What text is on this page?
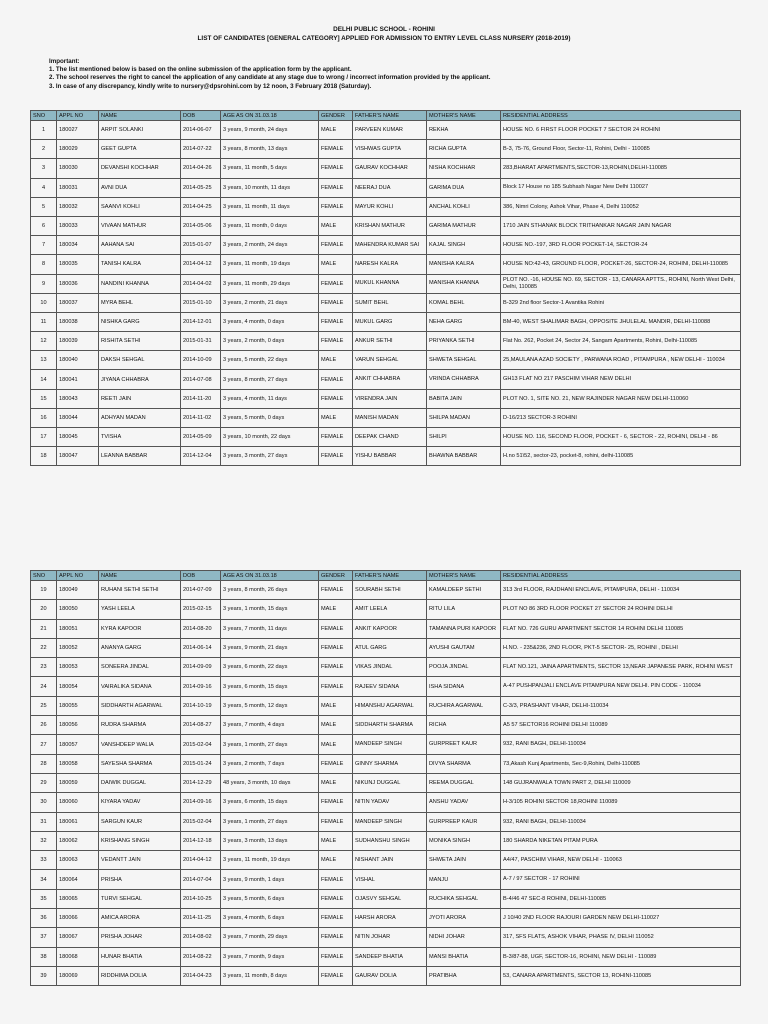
DELHI PUBLIC SCHOOL - ROHINI
LIST OF CANDIDATES [GENERAL CATEGORY] APPLIED FOR ADMISSION TO ENTRY LEVEL CLASS NURSERY (2018-2019)
Important:
1. The list mentioned below is based on the online submission of the application form by the applicant.
2. The school reserves the right to cancel the application of any candidate at any stage due to wrong / incorrect information provided by the applicant.
3. In case of any discrepancy, kindly write to nursery@dpsrohini.com by 12 noon, 3 February 2018 (Saturday).
SNO	APPL NO	NAME	DOB	AGE AS ON 31.03.18	GENDER	FATHER'S NAME	MOTHER'S NAME	RESIDENTIAL ADDRESS
1	180027	ARPIT SOLANKI	2014-06-07	3 years, 9 month, 24 days	MALE	PARVEEN KUMAR	REKHA	HOUSE NO. 6 FIRST FLOOR POCKET 7 SECTOR 24 ROHINI
2	180029	GEET GUPTA	2014-07-22	3 years, 8 month, 13 days	FEMALE	VISHWAS GUPTA	RICHA GUPTA	B-3, 75-76, Ground Floor, Sector-11, Rohini, Delhi - 110085
3	180030	DEVANSHI KOCHHAR	2014-04-26	3 years, 11 month, 5 days	FEMALE	GAURAV KOCHHAR	NISHA KOCHHAR	283,BHARAT APARTMENTS,SECTOR-13,ROHINI,DELHI-110085
4	180031	AVNI DUA	2014-05-25	3 years, 10 month, 11 days	FEMALE	NEERAJ DUA	GARIMA DUA	Block 17 House no 185 Subhash Nagar New Delhi 110027
5	180032	SAANVI KOHLI	2014-04-25	3 years, 11 month, 11 days	FEMALE	MAYUR KOHLI	ANCHAL KOHLI	386, Nimri Colony, Ashok Vihar, Phase 4, Delhi 110052
6	180033	VIVAAN MATHUR	2014-05-06	3 years, 11 month, 0 days	MALE	KRISHAN MATHUR	GARIMA MATHUR	1710 JAIN STHANAK BLOCK TRITHANKAR NAGAR JAIN NAGAR
7	180034	AAHANA SAI	2015-01-07	3 years, 2 month, 24 days	FEMALE	MAHENDRA KUMAR SAI	KAJAL SINGH	HOUSE NO.-197, 3RD FLOOR POCKET-14, SECTOR-24
8	180035	TANISH KALRA	2014-04-12	3 years, 11 month, 19 days	MALE	NARESH KALRA	MANISHA KALRA	HOUSE NO:42-43, GROUND FLOOR, POCKET-26, SECTOR-24, ROHINI, DELHI-110085
9	180036	NANDINI KHANNA	2014-04-02	3 years, 11 month, 29 days	FEMALE	MUKUL KHANNA	MANISHA KHANNA	PLOT NO. -16, HOUSE NO. 69, SECTOR - 13, CANARA APTTS., ROHINI, North West Delhi, Delhi, 110085
10	180037	MYRA BEHL	2015-01-10	3 years, 2 month, 21 days	FEMALE	SUMIT BEHL	KOMAL BEHL	B-329 2nd floor Sector-1 Avantika Rohini
11	180038	NISHKA GARG	2014-12-01	3 years, 4 month, 0 days	FEMALE	MUKUL GARG	NEHA GARG	BM-40, WEST SHALIMAR BAGH, OPPOSITE JHULELAL MANDIR, DELHI-110088
12	180039	RISHITA SETHI	2015-01-31	3 years, 2 month, 0 days	FEMALE	ANKUR SETHI	PRIYANKA SETHI	Flat No. 262, Pocket 24, Sector 24, Sangam Apartments, Rohini, Delhi-110085
13	180040	DAKSH SEHGAL	2014-10-09	3 years, 5 month, 22 days	MALE	VARUN SEHGAL	SHWETA SEHGAL	25,MAULANA AZAD SOCIETY , PARWANA ROAD , PITAMPURA , NEW DELHI - 110034
14	180041	JIYANA CHHABRA	2014-07-08	3 years, 8 month, 27 days	FEMALE	ANKIT CHHABRA	VRINDA CHHABRA	GH13 FLAT NO 217 PASCHIM VIHAR NEW DELHI
15	180043	REETI JAIN	2014-11-20	3 years, 4 month, 11 days	FEMALE	VIRENDRA JAIN	BABITA JAIN	PLOT NO. 1, SITE NO. 21, NEW RAJINDER NAGAR NEW DELHI-110060
16	180044	ADHYAN MADAN	2014-11-02	3 years, 5 month, 0 days	MALE	MANISH MADAN	SHILPA MADAN	D-16/213 SECTOR-3 ROHINI
17	180045	TVISHA	2014-05-09	3 years, 10 month, 22 days	FEMALE	DEEPAK CHAND	SHILPI	HOUSE NO. 116, SECOND FLOOR, POCKET - 6, SECTOR - 22, ROHINI, DELHI - 86
18	180047	LEANNA BABBAR	2014-12-04	3 years, 3 month, 27 days	FEMALE	YISHU BABBAR	BHAWNA BABBAR	H.no 51\52, sector-23, pocket-8, rohini, delhi-110085
SNO	APPL NO	NAME	DOB	AGE AS ON 31.03.18	GENDER	FATHER'S NAME	MOTHER'S NAME	RESIDENTIAL ADDRESS
19	180049	RUHANI SETHI SETHI	2014-07-09	3 years, 8 month, 26 days	FEMALE	SOURABH SETHI	KAMALDEEP SETHI	313 3rd FLOOR, RAJDHANI ENCLAVE, PITAMPURA, DELHI - 110034
20	180050	YASH LEELA	2015-02-15	3 years, 1 month, 15 days	MALE	AMIT LEELA	RITU LILA	PLOT NO 86 3RD FLOOR POCKET 27 SECTOR 24 ROHINI DELHI
21	180051	KYRA KAPOOR	2014-08-20	3 years, 7 month, 11 days	FEMALE	ANKIT KAPOOR	TAMANNA PURI KAPOOR	FLAT NO. 726 GURU APARTMENT SECTOR 14 ROHINI DELHI 110085
22	180052	ANANYA GARG	2014-06-14	3 years, 9 month, 21 days	FEMALE	ATUL GARG	AYUSHI GAUTAM	H.NO. - 235&236, 2ND FLOOR, PKT-5 SECTOR- 25, ROHINI , DELHI
23	180053	SONEERA JINDAL	2014-09-09	3 years, 6 month, 22 days	FEMALE	VIKAS JINDAL	POOJA JINDAL	FLAT NO.121, JAINA APARTMENTS, SECTOR 13,NEAR JAPANESE PARK, ROHINI WEST
24	180054	VAIRALIKA SIDANA	2014-09-16	3 years, 6 month, 15 days	FEMALE	RAJEEV SIDANA	ISHA SIDANA	A-47 PUSHPANJALI ENCLAVE PITAMPURA NEW DELHI. PIN CODE - 110034
25	180055	SIDDHARTH AGARWAL	2014-10-19	3 years, 5 month, 12 days	MALE	HIMANSHU AGARWAL	RUCHIRA AGARWAL	C-3/3, PRASHANT VIHAR, DELHI-110034
26	180056	RUDRA SHARMA	2014-08-27	3 years, 7 month, 4 days	MALE	SIDDHARTH SHARMA	RICHA	A5 57 SECTOR16 ROHINI DELHI 110089
27	180057	VANSHDEEP WALIA	2015-02-04	3 years, 1 month, 27 days	MALE	MANDEEP SINGH	GURPREET KAUR	932, RANI BAGH, DELHI-110034
28	180058	SAYESHA SHARMA	2015-01-24	3 years, 2 month, 7 days	FEMALE	GINNY SHARMA	DIVYA SHARMA	73,Akash Kunj Apartments, Sec-9,Rohini, Delhi-110085
29	180059	DAIWIK DUGGAL	2014-12-29	48 years, 3 month, 10 days	MALE	NIKUNJ DUGGAL	REEMA DUGGAL	148 GUJRANWALA TOWN PART 2, DELHI 110009
30	180060	KIYARA YADAV	2014-09-16	3 years, 6 month, 15 days	FEMALE	NITIN YADAV	ANSHU YADAV	H-3/105 ROHINI SECTOR 18,ROHINI 110089
31	180061	SARGUN KAUR	2015-02-04	3 years, 1 month, 27 days	FEMALE	MANDEEP SINGH	GURPREEP KAUR	932, RANI BAGH, DELHI-110034
32	180062	KRISHANG SINGH	2014-12-18	3 years, 3 month, 13 days	MALE	SUDHANSHU SINGH	MONIKA SINGH	180 SHARDA NIKETAN PITAM PURA
33	180063	VEDANTT JAIN	2014-04-12	3 years, 11 month, 19 days	MALE	NISHANT JAIN	SHWETA JAIN	A4/47, PASCHIM VIHAR, NEW DELHI - 110063
34	180064	PRISHA	2014-07-04	3 years, 9 month, 1 days	FEMALE	VISHAL	MANJU	A-7 / 97 SECTOR - 17 ROHINI
35	180065	TURVI SEHGAL	2014-10-25	3 years, 5 month, 6 days	FEMALE	OJASVY SEHGAL	RUCHIKA SEHGAL	B-4/46 47 SEC-8 ROHINI, DELHI-110085
36	180066	AMICA ARORA	2014-11-25	3 years, 4 month, 6 days	FEMALE	HARSH ARORA	JYOTI ARORA	J 10/40 2ND FLOOR RAJOURI GARDEN NEW DELHI-110027
37	180067	PRISHA JOHAR	2014-08-02	3 years, 7 month, 29 days	FEMALE	NITIN JOHAR	NIDHI JOHAR	317, SFS FLATS, ASHOK VIHAR, PHASE IV, DELHI 110052
38	180068	HUNAR BHATIA	2014-08-22	3 years, 7 month, 9 days	FEMALE	SANDEEP BHATIA	MANSI BHATIA	B-3/87-88, UGF, SECTOR-16, ROHINI, NEW DELHI - 110089
39	180069	RIDDHIMA DOLIA	2014-04-23	3 years, 11 month, 8 days	FEMALE	GAURAV DOLIA	PRATIBHA	53, CANARA APARTMENTS, SECTOR 13, ROHINI-110085
